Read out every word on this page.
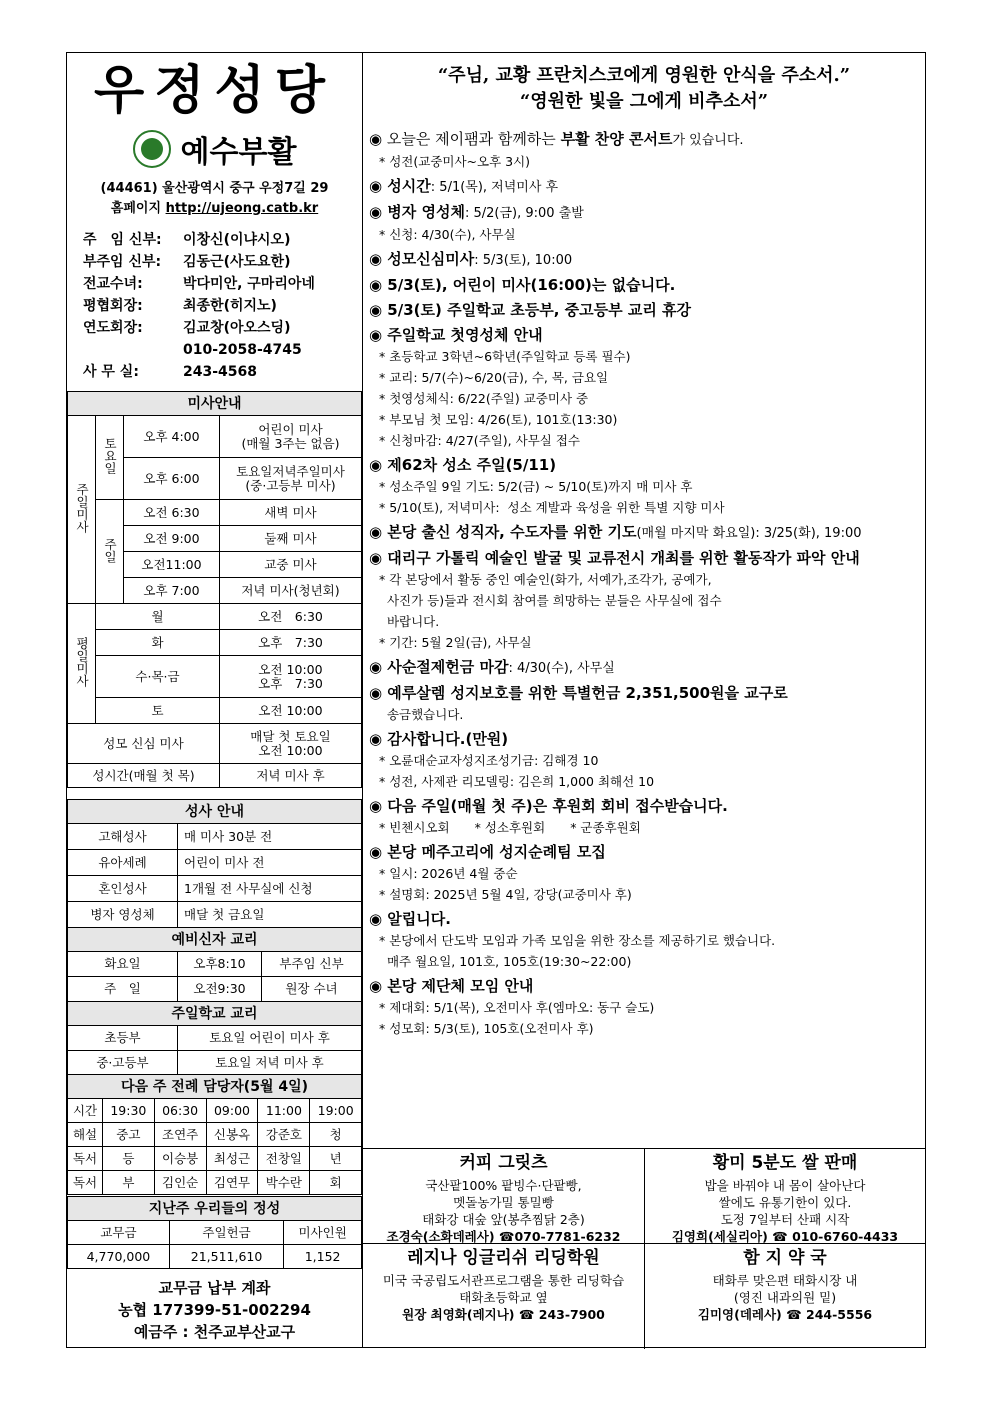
우정성당
예수부활
(44461) 울산광역시 중구 우정7길 29
홈페이지 http://ujeong.catb.kr
주　임 신부:	이창신(이냐시오)
부주임 신부:	김동근(사도요한)
전교수녀:	박다미안, 구마리아네
평협회장:	최종한(히지노)
연도회장:	김교창(아오스딩)
010-2058-4745
사 무 실:	243-4568
미사안내			
주일미사	토요일	오후 4:00	어린이 미사
(매월 3주는 없음)

		오후 6:00	토요일저녁주일미사
(중·고등부 미사)

	주일	오전 6:30	새벽 미사
		오전 9:00	둘째 미사
		오전11:00	교중 미사
		오후 7:00	저녁 미사(청년회)
평일미사	월		오전　6:30
	화		오후　7:30
	수·목·금		오전 10:00
오후　7:30

	토		오전 10:00
성모 신심 미사			매달 첫 토요일
오전 10:00

성시간(매월 첫 목)			저녁 미사 후
성사 안내	
고해성사	매 미사 30분 전
유아세례	어린이 미사 전
혼인성사	1개월 전 사무실에 신청
병자 영성체	매달 첫 금요일
예비신자 교리		
화요일	오후8:10	부주임 신부
주　일	오전9:30	원장 수녀
주일학교 교리	
초등부	토요일 어린이 미사 후
중·고등부	토요일 저녁 미사 후
다음 주 전례 담당자(5월 4일)					
시간	19:30	06:30	09:00	11:00	19:00
해설	중고	조연주	신봉옥	강준호	청
독서	등	이승붕	최성근	전창일	년
독서	부	김인순	김연무	박수란	회
지난주 우리들의 정성		
교무금	주일헌금	미사인원
4,770,000	21,511,610	1,152
교무금 납부 계좌
농협 177399-51-002294
예금주 : 천주교부산교구
“주님, 교황 프란치스코에게 영원한 안식을 주소서.”
“영원한 빛을 그에게 비추소서”
◉ 오늘은 제이팸과 함께하는 부활 찬양 콘서트가 있습니다.
* 성전(교중미사~오후 3시)
◉ 성시간: 5/1(목), 저녁미사 후
◉ 병자 영성체: 5/2(금), 9:00 출발
* 신청: 4/30(수), 사무실
◉ 성모신심미사: 5/3(토), 10:00
◉ 5/3(토), 어린이 미사(16:00)는 없습니다.
◉ 5/3(토) 주일학교 초등부, 중고등부 교리 휴강
◉ 주일학교 첫영성체 안내
* 초등학교 3학년~6학년(주일학교 등록 필수)
* 교리: 5/7(수)~6/20(금), 수, 목, 금요일
* 첫영성체식: 6/22(주일) 교중미사 중
* 부모님 첫 모임: 4/26(토), 101호(13:30)
* 신청마감: 4/27(주일), 사무실 접수
◉ 제62차 성소 주일(5/11)
* 성소주일 9일 기도: 5/2(금) ~ 5/10(토)까지 매 미사 후
* 5/10(토), 저녁미사:  성소 계발과 육성을 위한 특별 지향 미사
◉ 본당 출신 성직자, 수도자를 위한 기도(매월 마지막 화요일): 3/25(화), 19:00
◉ 대리구 가톨릭 예술인 발굴 및 교류전시 개최를 위한 활동작가 파악 안내
* 각 본당에서 활동 중인 예술인(화가, 서예가,조각가, 공예가,
사진가 등)들과 전시회 참여를 희망하는 분들은 사무실에 접수
바랍니다.
* 기간: 5월 2일(금), 사무실
◉ 사순절제헌금 마감: 4/30(수), 사무실
◉ 예루살렘 성지보호를 위한 특별헌금 2,351,500원을 교구로
송금했습니다.
◉ 감사합니다.(만원)
* 오륜대순교자성지조성기금: 김해경 10
* 성전, 사제관 리모델링: 김은희 1,000 최해선 10
◉ 다음 주일(매월 첫 주)은 후원회 회비 접수받습니다.
* 빈첸시오회　　* 성소후원회　　* 군종후원회
◉ 본당 메주고리에 성지순례팀 모집
* 일시: 2026년 4월 중순
* 설명회: 2025년 5월 4일, 강당(교중미사 후)
◉ 알립니다.
* 본당에서 단도박 모임과 가족 모임을 위한 장소를 제공하기로 했습니다.
매주 월요일, 101호, 105호(19:30~22:00)
◉ 본당 제단체 모임 안내
* 제대회: 5/1(목), 오전미사 후(엠마오: 동구 슬도)
* 성모회: 5/3(토), 105호(오전미사 후)
커피 그릿츠
국산팥100% 팥빙수·단팥빵,
멧돌농가밀 통밀빵
태화강 대숲 앞(봉추찜닭 2층)
조경숙(소화데레사) ☎070-7781-6232
황미 5분도 쌀 판매
밥을 바꿔야 내 몸이 살아난다
쌀에도 유통기한이 있다.
도정 7일부터 산패 시작
김영희(세실리아) ☎ 010-6760-4433
레지나 잉글리쉬 리딩학원
미국 국공립도서관프로그램을 통한 리딩학습
태화초등학교 옆
원장 최영화(레지나) ☎ 243-7900
함 지 약 국
태화루 맞은편 태화시장 내
(영진 내과의원 밑)
김미영(데레사) ☎ 244-5556
